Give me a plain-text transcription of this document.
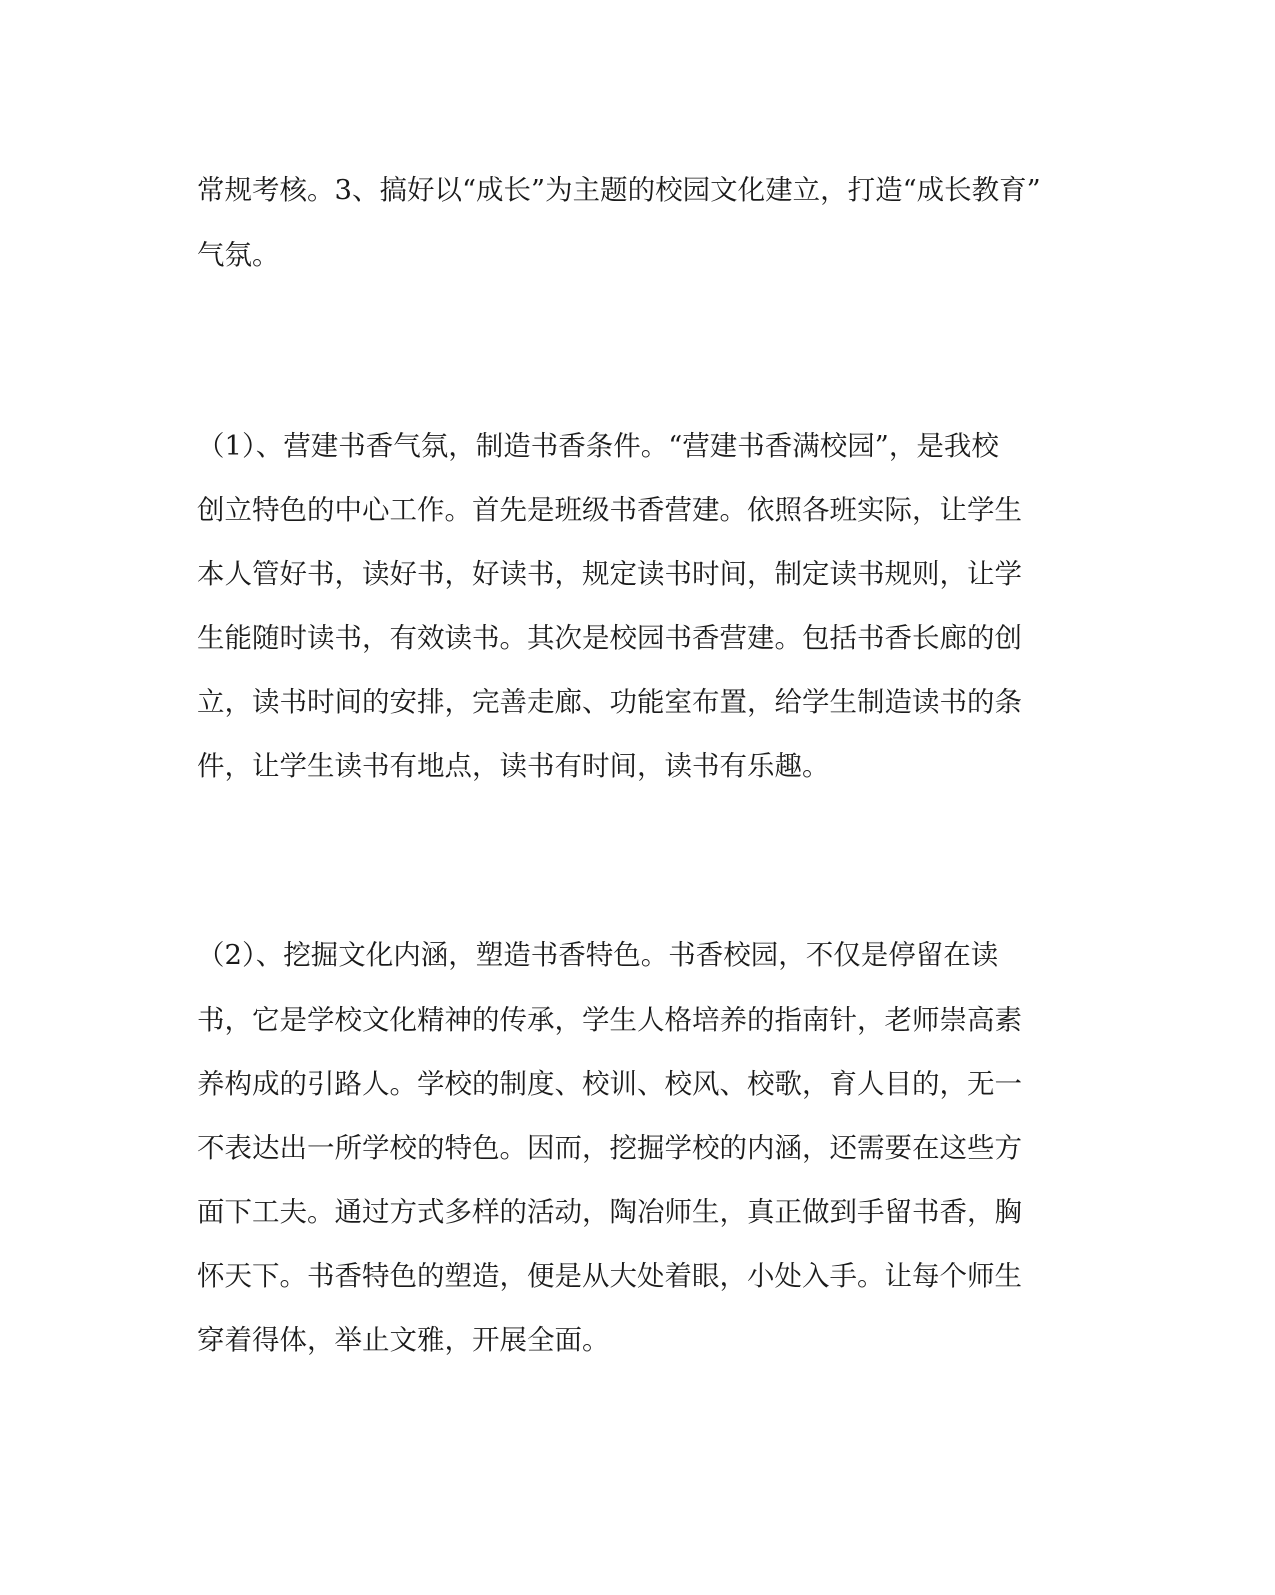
常规考核。3、搞好以“成长”为主题的校园文化建立，打造“成长教育”
气氛。
（1）、营建书香气氛，制造书香条件。“营建书香满校园”，是我校
创立特色的中心工作。首先是班级书香营建。依照各班实际，让学生
本人管好书，读好书，好读书，规定读书时间，制定读书规则，让学
生能随时读书，有效读书。其次是校园书香营建。包括书香长廊的创
立，读书时间的安排，完善走廊、功能室布置，给学生制造读书的条
件，让学生读书有地点，读书有时间，读书有乐趣。
（2）、挖掘文化内涵，塑造书香特色。书香校园，不仅是停留在读
书，它是学校文化精神的传承，学生人格培养的指南针，老师崇高素
养构成的引路人。学校的制度、校训、校风、校歌，育人目的，无一
不表达出一所学校的特色。因而，挖掘学校的内涵，还需要在这些方
面下工夫。通过方式多样的活动，陶冶师生，真正做到手留书香，胸
怀天下。书香特色的塑造，便是从大处着眼，小处入手。让每个师生
穿着得体，举止文雅，开展全面。
